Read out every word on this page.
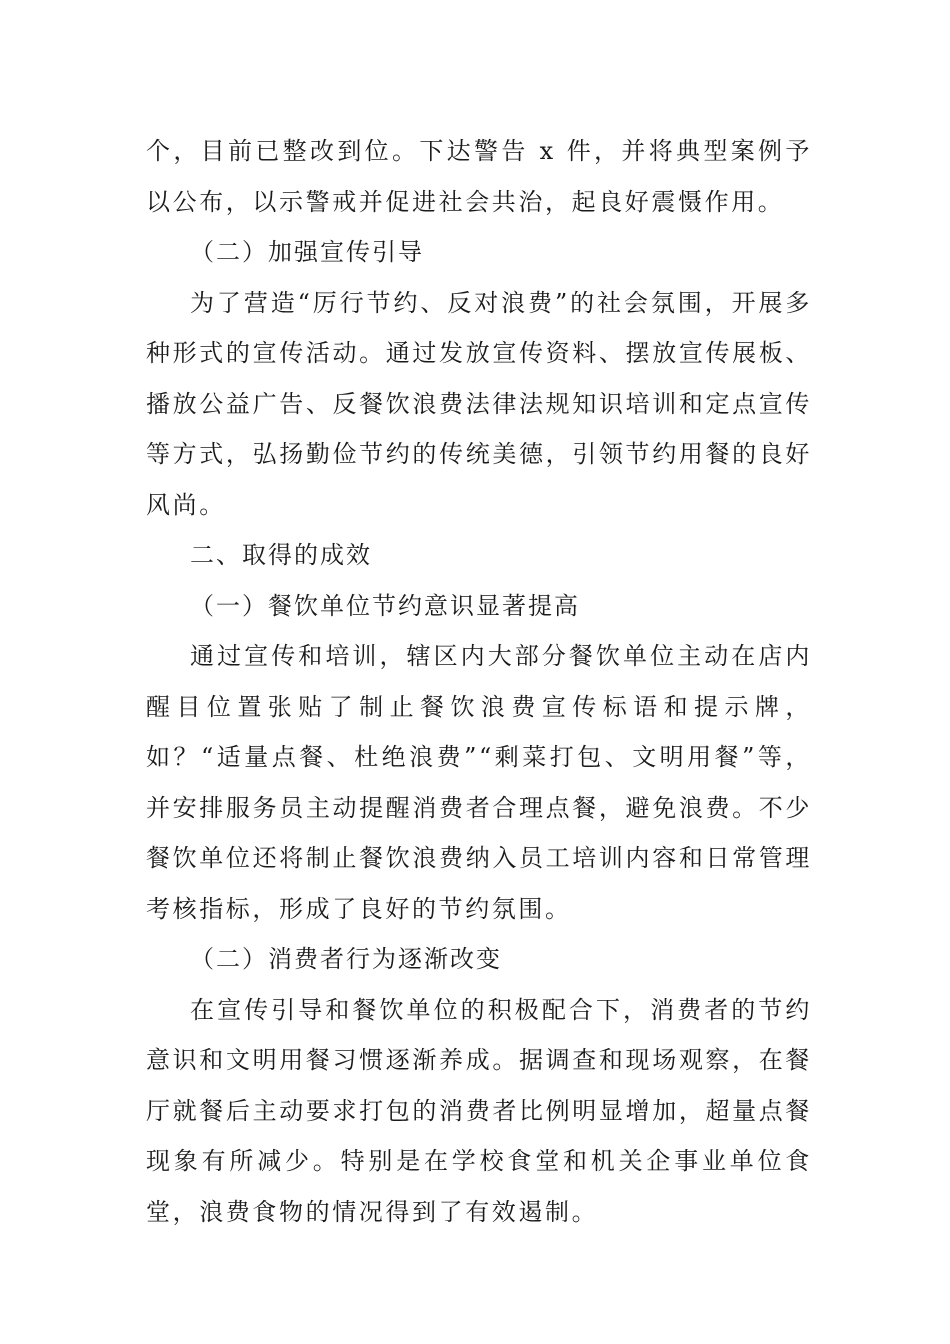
个，目前已整改到位。下达警告 x 件，并将典型案例予以公布，以示警戒并促进社会共治，起良好震慑作用。

（二）加强宣传引导

为了营造“厉行节约、反对浪费”的社会氛围，开展多种形式的宣传活动。通过发放宣传资料、摆放宣传展板、播放公益广告、反餐饮浪费法律法规知识培训和定点宣传等方式，弘扬勤俭节约的传统美德，引领节约用餐的良好风尚。

二、取得的成效

（一）餐饮单位节约意识显著提高

通过宣传和培训，辖区内大部分餐饮单位主动在店内醒目位置张贴了制止餐饮浪费宣传标语和提示牌，如？“适量点餐、杜绝浪费”“剩菜打包、文明用餐”等，并安排服务员主动提醒消费者合理点餐，避免浪费。不少餐饮单位还将制止餐饮浪费纳入员工培训内容和日常管理考核指标，形成了良好的节约氛围。

（二）消费者行为逐渐改变

在宣传引导和餐饮单位的积极配合下，消费者的节约意识和文明用餐习惯逐渐养成。据调查和现场观察，在餐厅就餐后主动要求打包的消费者比例明显增加，超量点餐现象有所减少。特别是在学校食堂和机关企事业单位食堂，浪费食物的情况得到了有效遏制。
